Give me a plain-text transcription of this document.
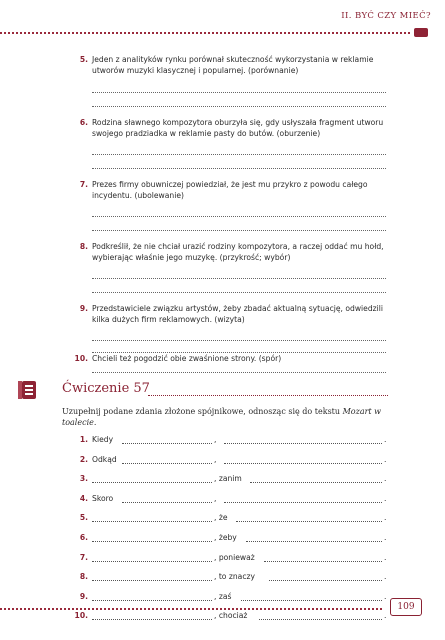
II. BYĆ CZY MIEĆ?
5. Jeden z analityków rynku porównał skuteczność wykorzystania w reklamie utworów muzyki klasycznej i popularnej. (porównanie)
6. Rodzina sławnego kompozytora oburzyła się, gdy usłyszała fragment utworu swojego pradziadka w reklamie pasty do butów. (oburzenie)
7. Prezes firmy obuwniczej powiedział, że jest mu przykro z powodu całego incydentu. (ubolewanie)
8. Podkreślił, że nie chciał urazić rodziny kompozytora, a raczej oddać mu hołd, wybierając właśnie jego muzykę. (przykrość; wybór)
9. Przedstawiciele związku artystów, żeby zbadać aktualną sytuację, odwiedzili kilka dużych firm reklamowych. (wizyta)
10. Chcieli też pogodzić obie zwaśnione strony. (spór)
Ćwiczenie 57
Uzupełnij podane zdania złożone spójnikowe, odnosząc się do tekstu Mozart w toalecie.
1. Kiedy	,	.
2. Odkąd	,	.
3.	, zanim	.
4. Skoro	,	.
5.	, że	.
6.	, żeby	.
7.	, ponieważ	.
8.	, to znaczy	.
9.	, zaś	.
10.	, chociaż	.
109
